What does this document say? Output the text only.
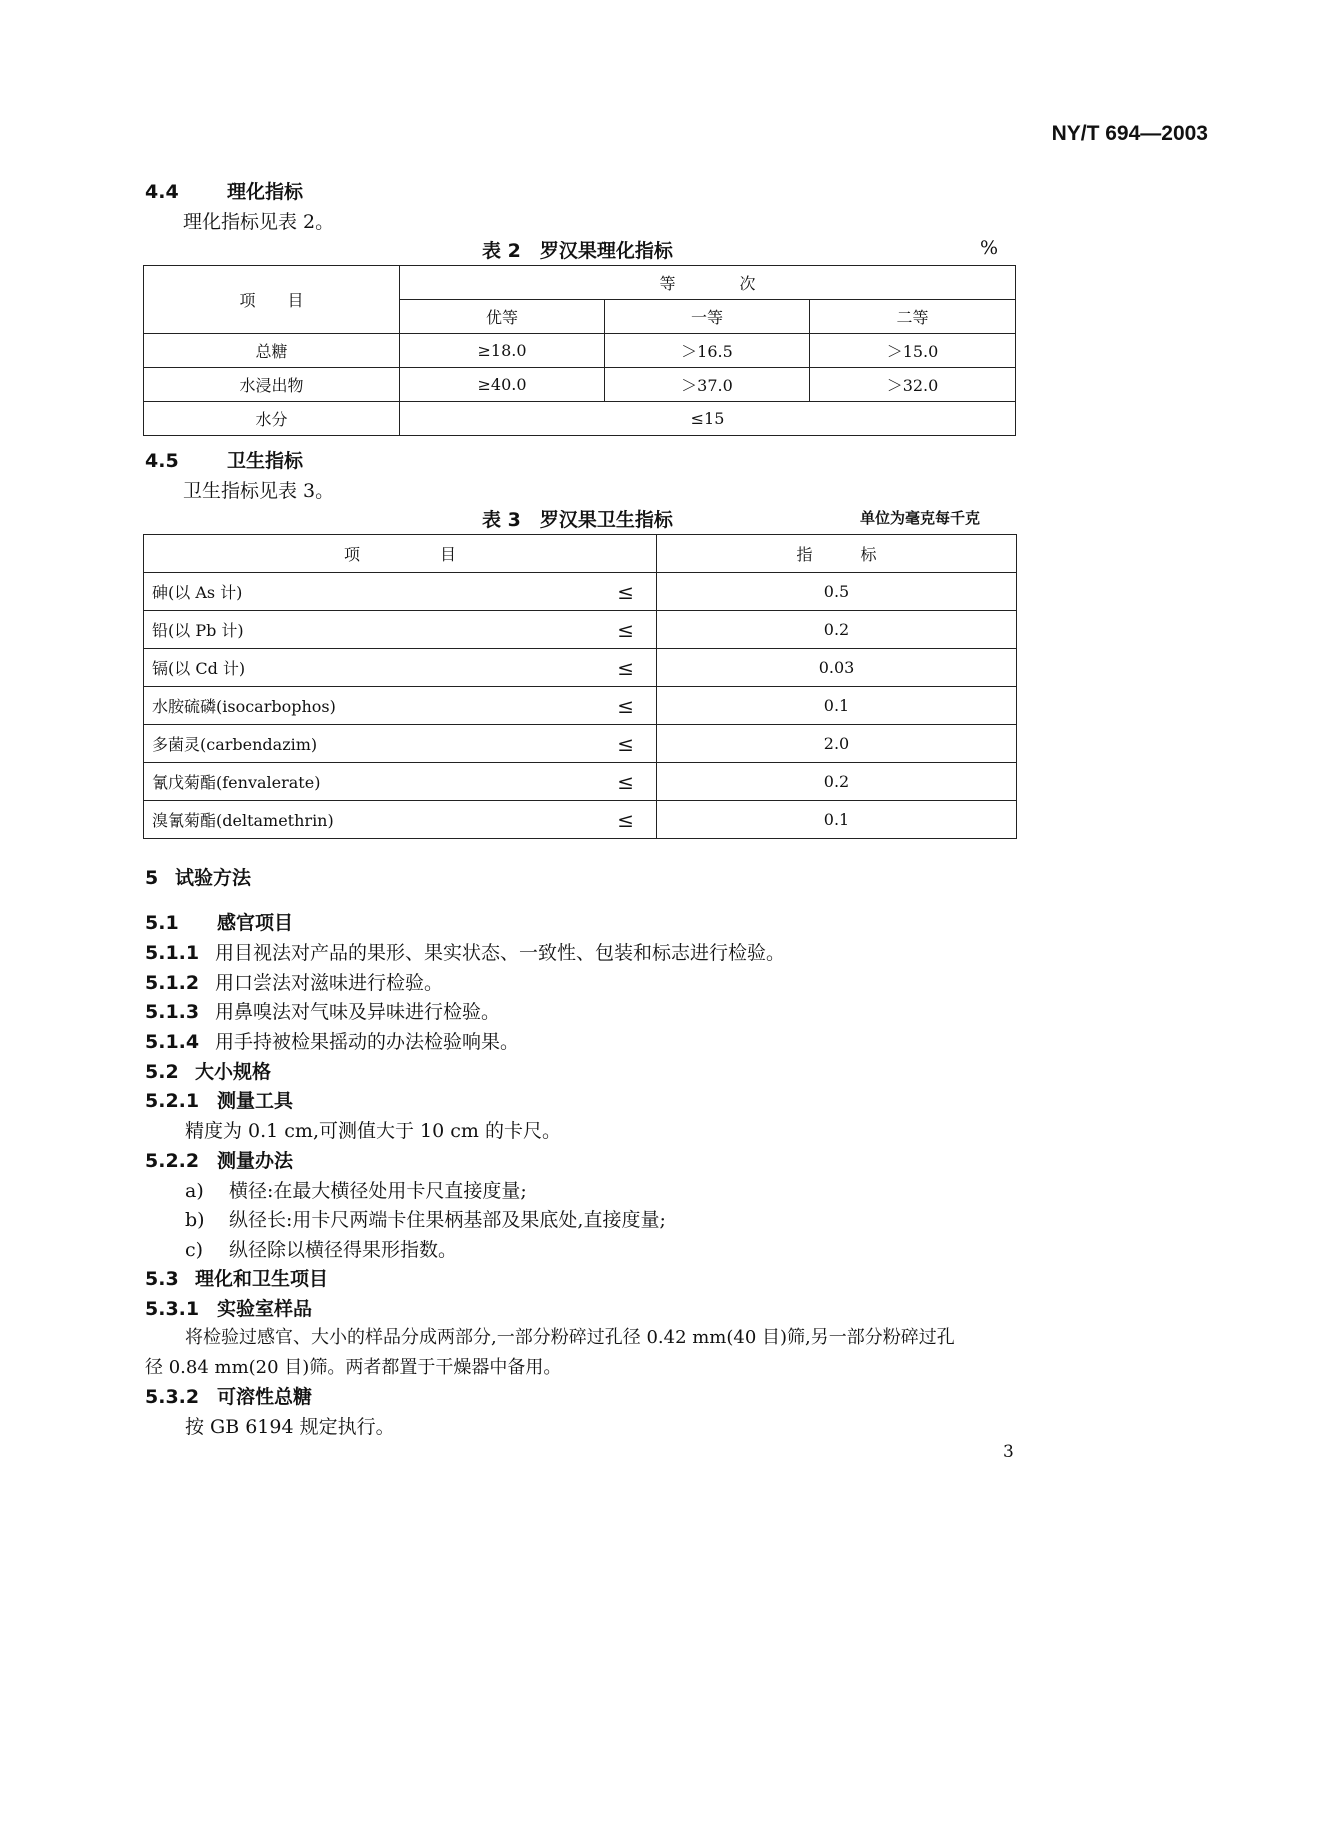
NY/T 694—2003
4.4	理化指标
理化指标见表 2。
表 2　罗汉果理化指标	%
项　　目	等　　　　次		
	优等	一等	二等
总糖	≥18.0	＞16.5	＞15.0
水浸出物	≥40.0	＞37.0	＞32.0
水分	≤15		
4.5	卫生指标
卫生指标见表 3。
表 3　罗汉果卫生指标	单位为毫克每千克
项　　　　　目		指　　　标
砷(以 As 计)	≤	0.5
铅(以 Pb 计)	≤	0.2
镉(以 Cd 计)	≤	0.03
水胺硫磷(isocarbophos)	≤	0.1
多菌灵(carbendazim)	≤	2.0
氰戊菊酯(fenvalerate)	≤	0.2
溴氰菊酯(deltamethrin)	≤	0.1
5 试验方法
5.1 感官项目
5.1.1 用目视法对产品的果形、果实状态、一致性、包装和标志进行检验。
5.1.2 用口尝法对滋味进行检验。
5.1.3 用鼻嗅法对气味及异味进行检验。
5.1.4 用手持被检果摇动的办法检验响果。
5.2 大小规格
5.2.1 测量工具
精度为 0.1 cm,可测值大于 10 cm 的卡尺。
5.2.2 测量办法
a) 横径:在最大横径处用卡尺直接度量;
b) 纵径长:用卡尺两端卡住果柄基部及果底处,直接度量;
c) 纵径除以横径得果形指数。
5.3 理化和卫生项目
5.3.1 实验室样品
将检验过感官、大小的样品分成两部分,一部分粉碎过孔径 0.42 mm(40 目)筛,另一部分粉碎过孔
径 0.84 mm(20 目)筛。两者都置于干燥器中备用。
5.3.2 可溶性总糖
按 GB 6194 规定执行。
3
